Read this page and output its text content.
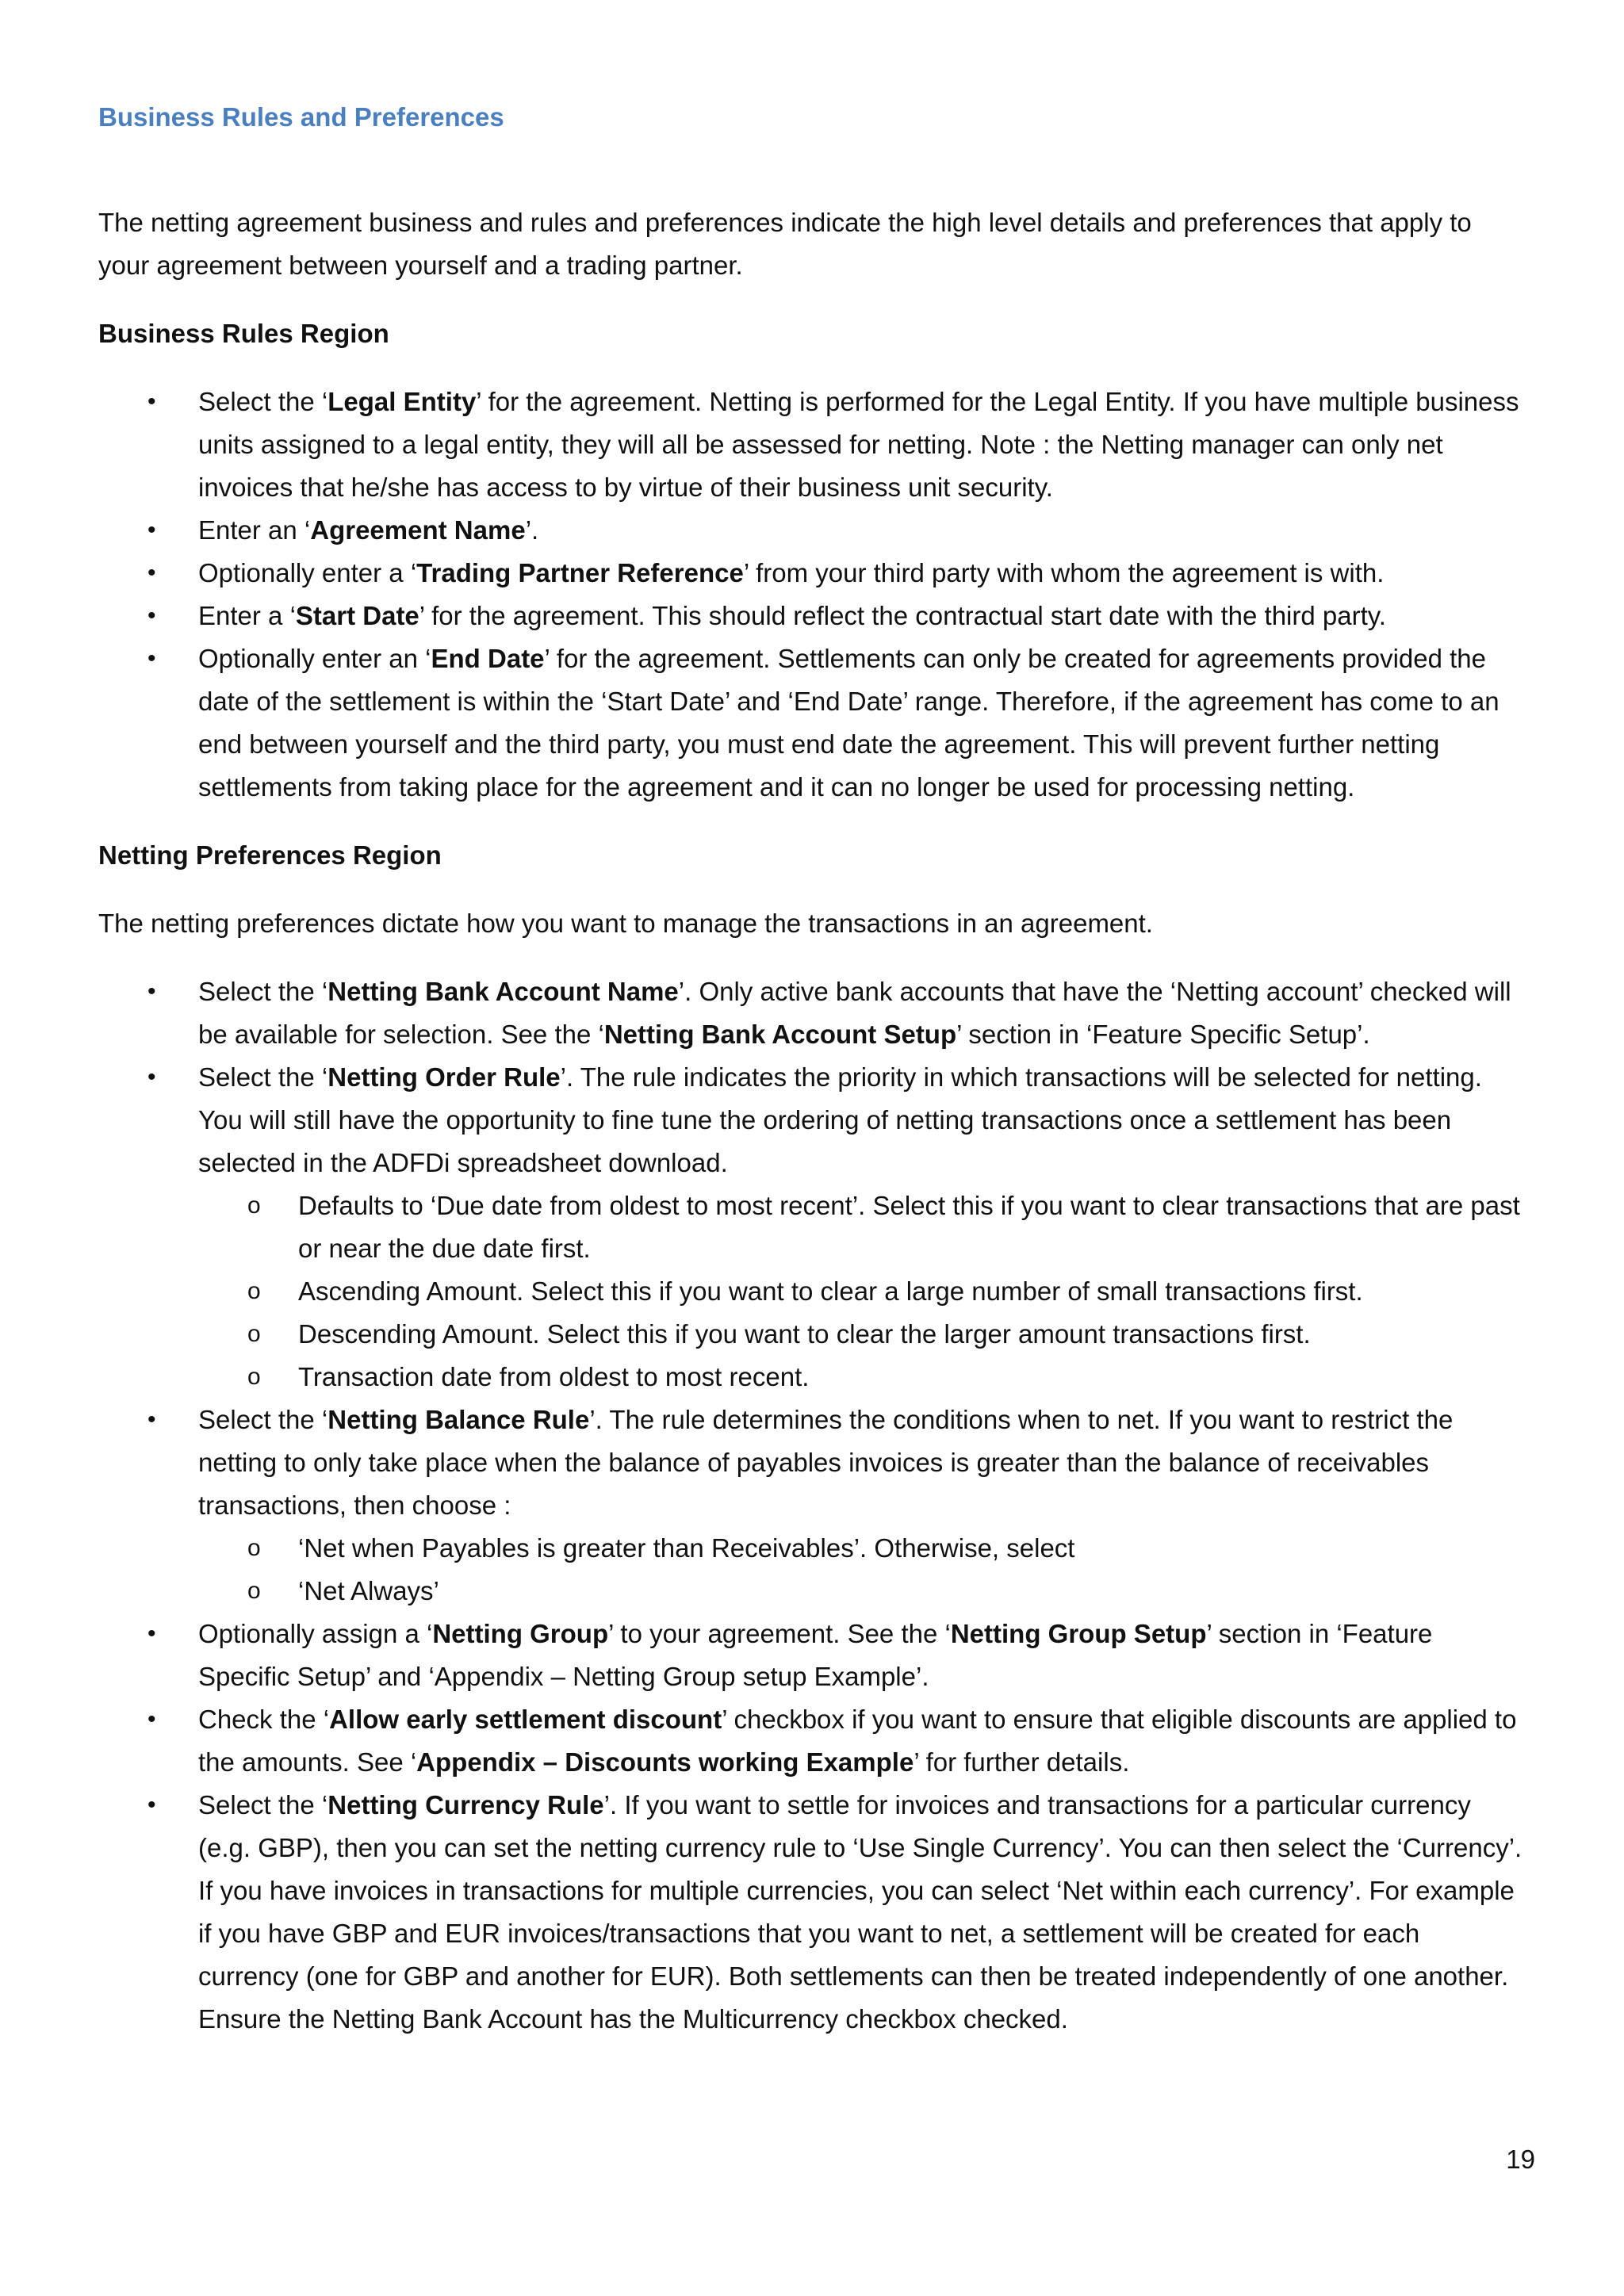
Business Rules and Preferences

The netting agreement business and rules and preferences indicate the high level details and preferences that apply to your agreement between yourself and a trading partner.

Business Rules Region
• Select the ‘Legal Entity’ for the agreement. Netting is performed for the Legal Entity. If you have multiple business units assigned to a legal entity, they will all be assessed for netting. Note : the Netting manager can only net invoices that he/she has access to by virtue of their business unit security.
• Enter an ‘Agreement Name’.
• Optionally enter a ‘Trading Partner Reference’ from your third party with whom the agreement is with.
• Enter a ‘Start Date’ for the agreement. This should reflect the contractual start date with the third party.
• Optionally enter an ‘End Date’ for the agreement. Settlements can only be created for agreements provided the date of the settlement is within the ‘Start Date’ and ‘End Date’ range. Therefore, if the agreement has come to an end between yourself and the third party, you must end date the agreement. This will prevent further netting settlements from taking place for the agreement and it can no longer be used for processing netting.
Netting Preferences Region

The netting preferences dictate how you want to manage the transactions in an agreement.

• Select the ‘Netting Bank Account Name’. Only active bank accounts that have the ‘Netting account’ checked will be available for selection. See the ‘Netting Bank Account Setup’ section in ‘Feature Specific Setup’.
• Select the ‘Netting Order Rule’. The rule indicates the priority in which transactions will be selected for netting. You will still have the opportunity to fine tune the ordering of netting transactions once a settlement has been selected in the ADFDi spreadsheet download.
o Defaults to ‘Due date from oldest to most recent’. Select this if you want to clear transactions that are past or near the due date first.
o Ascending Amount. Select this if you want to clear a large number of small transactions first.
o Descending Amount. Select this if you want to clear the larger amount transactions first.
o Transaction date from oldest to most recent.
• Select the ‘Netting Balance Rule’. The rule determines the conditions when to net. If you want to restrict the netting to only take place when the balance of payables invoices is greater than the balance of receivables transactions, then choose :
o ‘Net when Payables is greater than Receivables’. Otherwise, select
o ‘Net Always’
• Optionally assign a ‘Netting Group’ to your agreement. See the ‘Netting Group Setup’ section in ‘Feature Specific Setup’ and ‘Appendix – Netting Group setup Example’.
• Check the ‘Allow early settlement discount’ checkbox if you want to ensure that eligible discounts are applied to the amounts. See ‘Appendix – Discounts working Example’ for further details.
• Select the ‘Netting Currency Rule’. If you want to settle for invoices and transactions for a particular currency (e.g. GBP), then you can set the netting currency rule to ‘Use Single Currency’. You can then select the ‘Currency’. If you have invoices in transactions for multiple currencies, you can select ‘Net within each currency’. For example if you have GBP and EUR invoices/transactions that you want to net, a settlement will be created for each currency (one for GBP and another for EUR). Both settlements can then be treated independently of one another. Ensure the Netting Bank Account has the Multicurrency checkbox checked.
19
